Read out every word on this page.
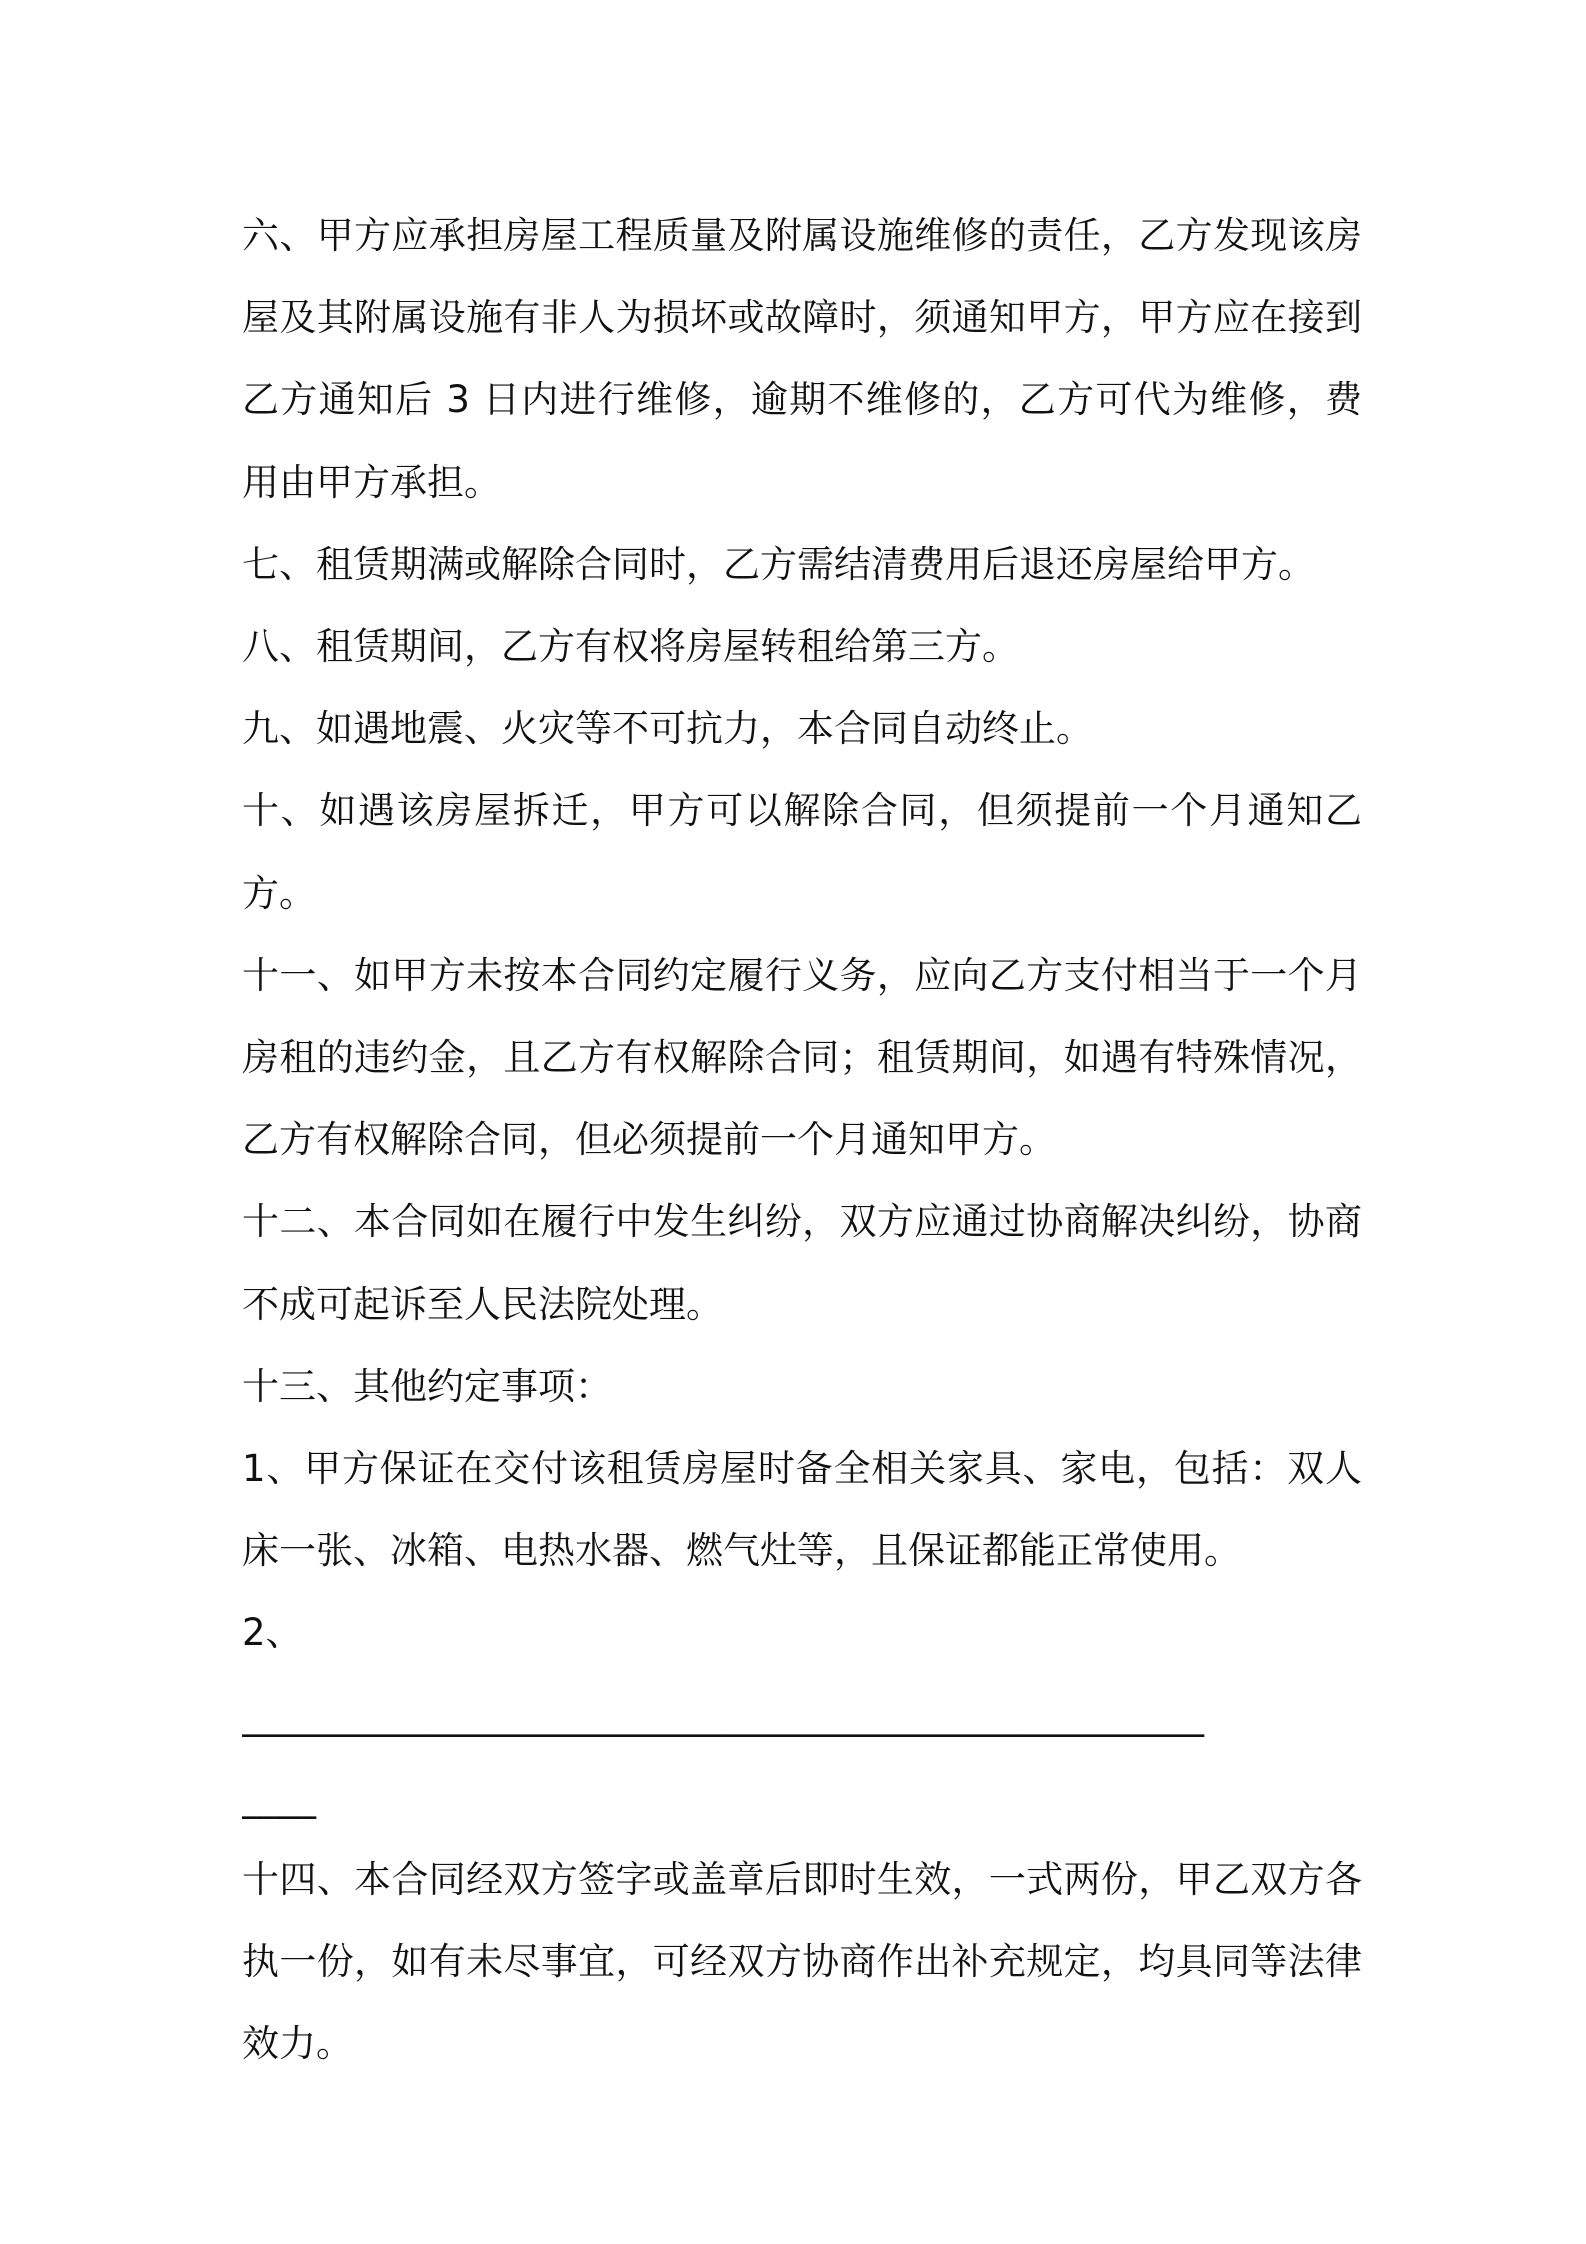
六、甲方应承担房屋工程质量及附属设施维修的责任，乙方发现该房屋及其附属设施有非人为损坏或故障时，须通知甲方，甲方应在接到乙方通知后 3 日内进行维修，逾期不维修的，乙方可代为维修，费用由甲方承担。

七、租赁期满或解除合同时，乙方需结清费用后退还房屋给甲方。

八、租赁期间，乙方有权将房屋转租给第三方。

九、如遇地震、火灾等不可抗力，本合同自动终止。

十、如遇该房屋拆迁，甲方可以解除合同，但须提前一个月通知乙方。

十一、如甲方未按本合同约定履行义务，应向乙方支付相当于一个月房租的违约金，且乙方有权解除合同；租赁期间，如遇有特殊情况，乙方有权解除合同，但必须提前一个月通知甲方。

十二、本合同如在履行中发生纠纷，双方应通过协商解决纠纷，协商不成可起诉至人民法院处理。

十三、其他约定事项：

1、甲方保证在交付该租赁房屋时备全相关家具、家电，包括：双人床一张、冰箱、电热水器、燃气灶等，且保证都能正常使用。

2、

____________________________________________________

____

十四、本合同经双方签字或盖章后即时生效，一式两份，甲乙双方各执一份，如有未尽事宜，可经双方协商作出补充规定，均具同等法律效力。
